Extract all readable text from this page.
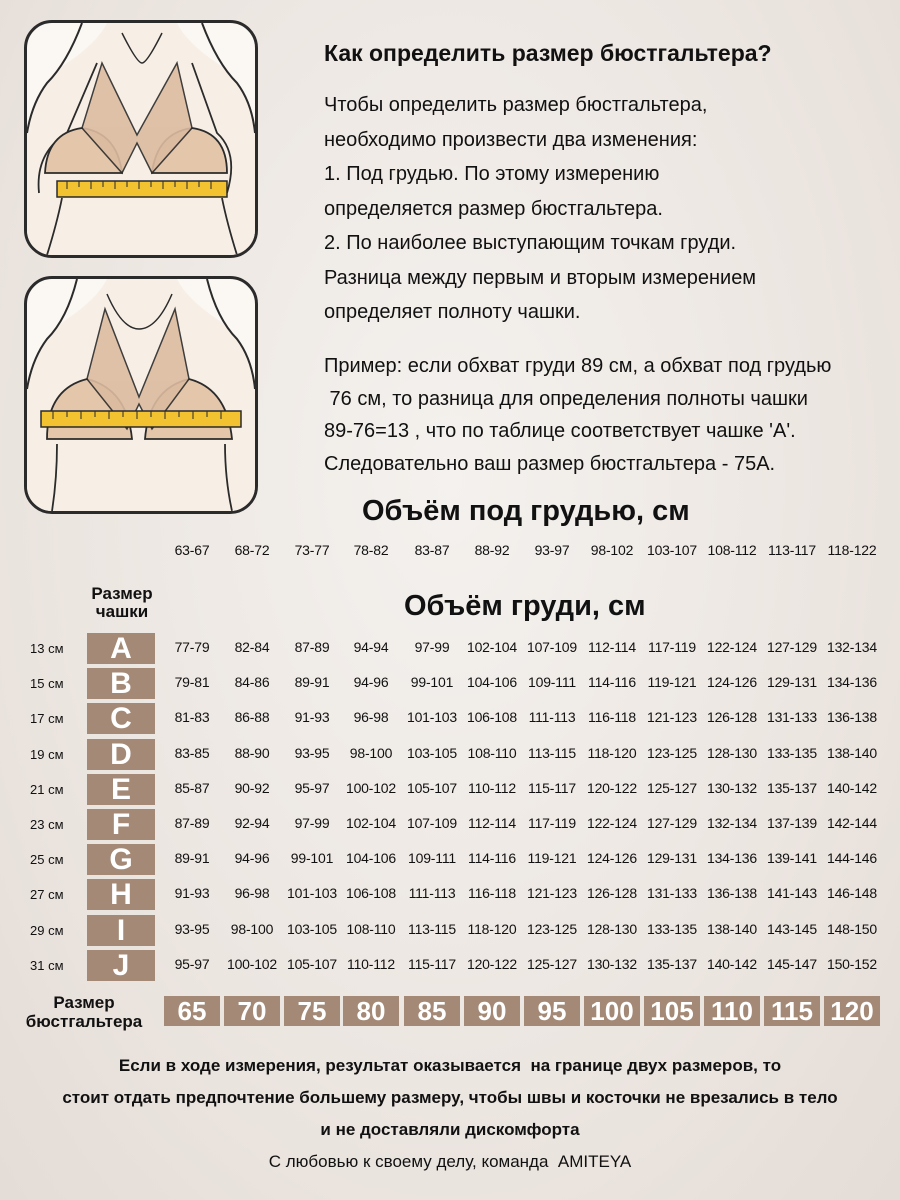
Как определить размер бюстгальтера?
Чтобы определить размер бюстгальтера,
необходимо произвести два изменения:
1. Под грудью. По этому измерению
определяется размер бюстгальтера.
2. По наиболее выступающим точкам груди.
Разница между первым и вторым измерением
определяет полноту чашки.
Пример: если обхват груди 89 см, а обхват под грудью
76 см, то разница для определения полноты чашки
89-76=13 , что по таблице соответствует чашке 'A'.
Следовательно ваш размер бюстгальтера - 75A.
Объём под грудью, см
63-67	68-72	73-77	78-82	83-87	88-92	93-97	98-102 103-107 108-112 113-117 118-122
Размер
чашки	Объём груди, см
13 см	A	77-79	82-84	87-89	94-94	97-99	102-104 107-109 112-114 117-119 122-124 127-129 132-134
15 см	B	79-81	84-86	89-91	94-96	99-101 104-106 109-111 114-116 119-121 124-126 129-131 134-136
17 см	C	81-83	86-88	91-93	96-98	101-103 106-108 111-113 116-118 121-123 126-128 131-133 136-138
19 см	D	83-85	88-90	93-95	98-100	103-105 108-110 113-115 118-120 123-125 128-130 133-135 138-140
21 см	E	85-87	90-92	95-97	100-102 105-107 110-112 115-117 120-122 125-127 130-132 135-137 140-142
23 см	F	87-89	92-94	97-99	102-104 107-109 112-114 117-119 122-124 127-129 132-134 137-139 142-144
25 см	G	89-91	94-96	99-101 104-106 109-111 114-116 119-121 124-126 129-131 134-136 139-141 144-146
27 см	H	91-93	96-98	101-103 106-108 111-113 116-118 121-123 126-128 131-133 136-138 141-143 146-148
29 см	I	93-95	98-100 103-105 108-110 113-115 118-120 123-125 128-130 133-135 138-140 143-145 148-150
31 см	J	95-97	100-102 105-107 110-112 115-117 120-122 125-127 130-132 135-137 140-142 145-147 150-152
Размер
бюстгальтера	65	70	75	80	85	90	95 100 105 110 115 120
Если в ходе измерения, результат оказывается  на границе двух размеров, то
стоит отдать предпочтение большему размеру, чтобы швы и косточки не врезались в тело
и не доставляли дискомфорта
С любовью к своему делу, команда  AMITEYA
